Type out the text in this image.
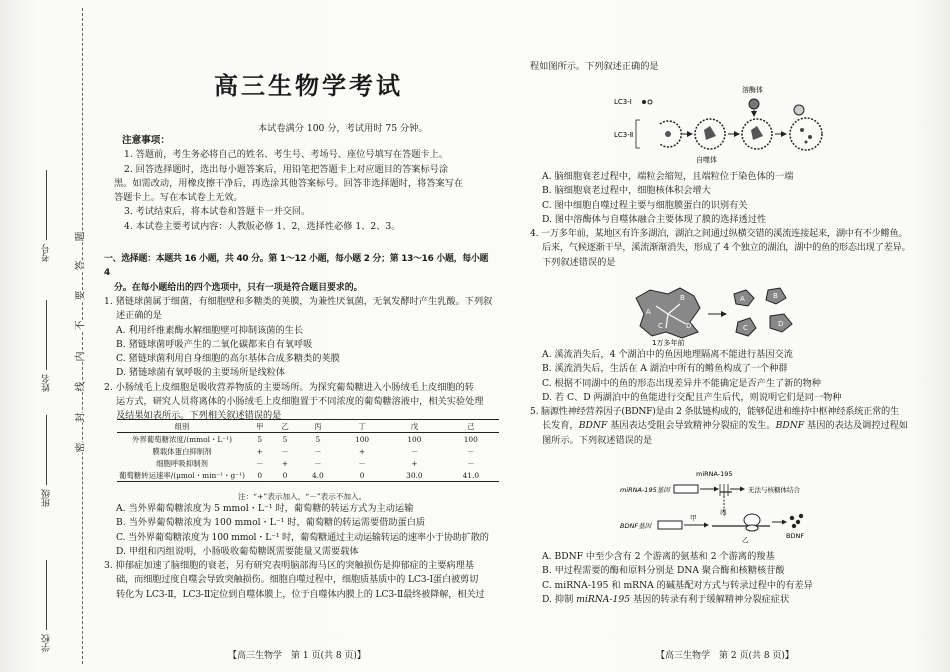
学校
班级
姓名
考号
题
答
要
不
内
线
封
密
高三生物学考试
本试卷满分 100 分，考试用时 75 分钟。

注意事项：

1. 答题前，考生务必将自己的姓名、考生号、考场号、座位号填写在答题卡上。

2. 回答选择题时，选出每小题答案后，用铅笔把答题卡上对应题目的答案标号涂

黑。如需改动，用橡皮擦干净后，再选涂其他答案标号。回答非选择题时，将答案写在

答题卡上。写在本试卷上无效。

3. 考试结束后，将本试卷和答题卡一并交回。

4. 本试卷主要考试内容：人教版必修 1、2，选择性必修 1、2、3。

一、选择题：本题共 16 小题，共 40 分。第 1～12 小题，每小题 2 分；第 13～16 小题，每小题 4

分。在每小题给出的四个选项中，只有一项是符合题目要求的。

1. 猪链球菌属于细菌，有细胞壁和多糖类的荚膜，为兼性厌氧菌，无氧发酵时产生乳酸。下列叙

述正确的是

A. 利用纤维素酶水解细胞壁可抑制该菌的生长

B. 猪链球菌呼吸产生的二氧化碳都来自有氧呼吸

C. 猪链球菌利用自身细胞的高尔基体合成多糖类的荚膜

D. 猪链球菌有氧呼吸的主要场所是线粒体

2. 小肠绒毛上皮细胞是吸收营养物质的主要场所。为探究葡萄糖进入小肠绒毛上皮细胞的转

运方式，研究人员将离体的小肠绒毛上皮细胞置于不同浓度的葡萄糖溶液中，相关实验处理

及结果如表所示。下列相关叙述错误的是

组别	甲	乙	丙	丁	戊	己
外界葡萄糖浓度/(mmol・L⁻¹)	5	5	5	100	100	100
膜载体蛋白抑制剂	+	－	－	+	－	－
细胞呼吸抑制剂	－	+	－	－	+	－
葡萄糖转运速率/(μmol・min⁻¹・g⁻¹)	0	0	4.0	0	30.0	41.0
注：“+”表示加入，“－”表示不加入。

A. 当外界葡萄糖浓度为 5 mmol・L⁻¹ 时，葡萄糖的转运方式为主动运输

B. 当外界葡萄糖浓度为 100 mmol・L⁻¹ 时，葡萄糖的转运需要借助蛋白质

C. 当外界葡萄糖浓度为 100 mmol・L⁻¹ 时，葡萄糖通过主动运输转运的速率小于协助扩散的

D. 甲组和丙组说明，小肠吸收葡萄糖既需要能量又需要载体

3. 抑郁症加速了脑细胞的衰老，另有研究表明脑部海马区的突触损伤是抑郁症的主要病理基

础，而细胞过度自噬会导致突触损伤。细胞自噬过程中，细胞质基质中的 LC3-Ⅰ蛋白被剪切

转化为 LC3-Ⅱ，LC3-Ⅱ定位到自噬体膜上，位于自噬体内膜上的 LC3-Ⅱ最终被降解，相关过

【高三生物学　第 1 页(共 8 页)】

程如图所示。下列叙述正确的是

LC3-Ⅰ
LC3-Ⅱ
自噬体
溶酶体

A. 脑细胞衰老过程中，端粒会缩短，且端粒位于染色体的一端

B. 脑细胞衰老过程中，细胞核体积会增大

C. 图中细胞自噬过程主要与细胞膜蛋白的识别有关

D. 图中溶酶体与自噬体融合主要体现了膜的选择透过性

4. 一万多年前，某地区有许多湖泊，湖泊之间通过纵横交错的溪流连接起来，湖中有不少鳉鱼。

后来，气候逐渐干旱，溪流渐渐消失，形成了 4 个独立的湖泊，湖中的鱼的形态出现了差异。

下列叙述错误的是

A
B
C	D
1万多年前
A	B
C	D

A. 溪流消失后，4 个湖泊中的鱼因地理隔离不能进行基因交流

B. 溪流消失后，生活在 A 湖泊中所有的鳉鱼构成了一个种群

C. 根据不同湖中的鱼的形态出现差异并不能确定是否产生了新的物种

D. 若 C、D 两湖泊中的鱼能进行交配且产生后代，则说明它们是同一物种

5. 脑源性神经营养因子(BDNF)是由 2 条肽链构成的，能够促进和维持中枢神经系统正常的生

长发育，BDNF 基因表达受阻会导致精神分裂症的发生。BDNF 基因的表达及调控过程如

图所示。下列叙述错误的是

miRNA-195基因
miRNA-195
无法与核糖体结合
丙
BDNF基因
甲
乙	BDNF

A. BDNF 中至少含有 2 个游离的氨基和 2 个游离的羧基

B. 甲过程需要的酶和原料分别是 DNA 聚合酶和核糖核苷酸

C. miRNA-195 和 mRNA 的碱基配对方式与转录过程中的有差异

D. 抑制 miRNA-195 基因的转录有利于缓解精神分裂症症状

【高三生物学　第 2 页(共 8 页)】
